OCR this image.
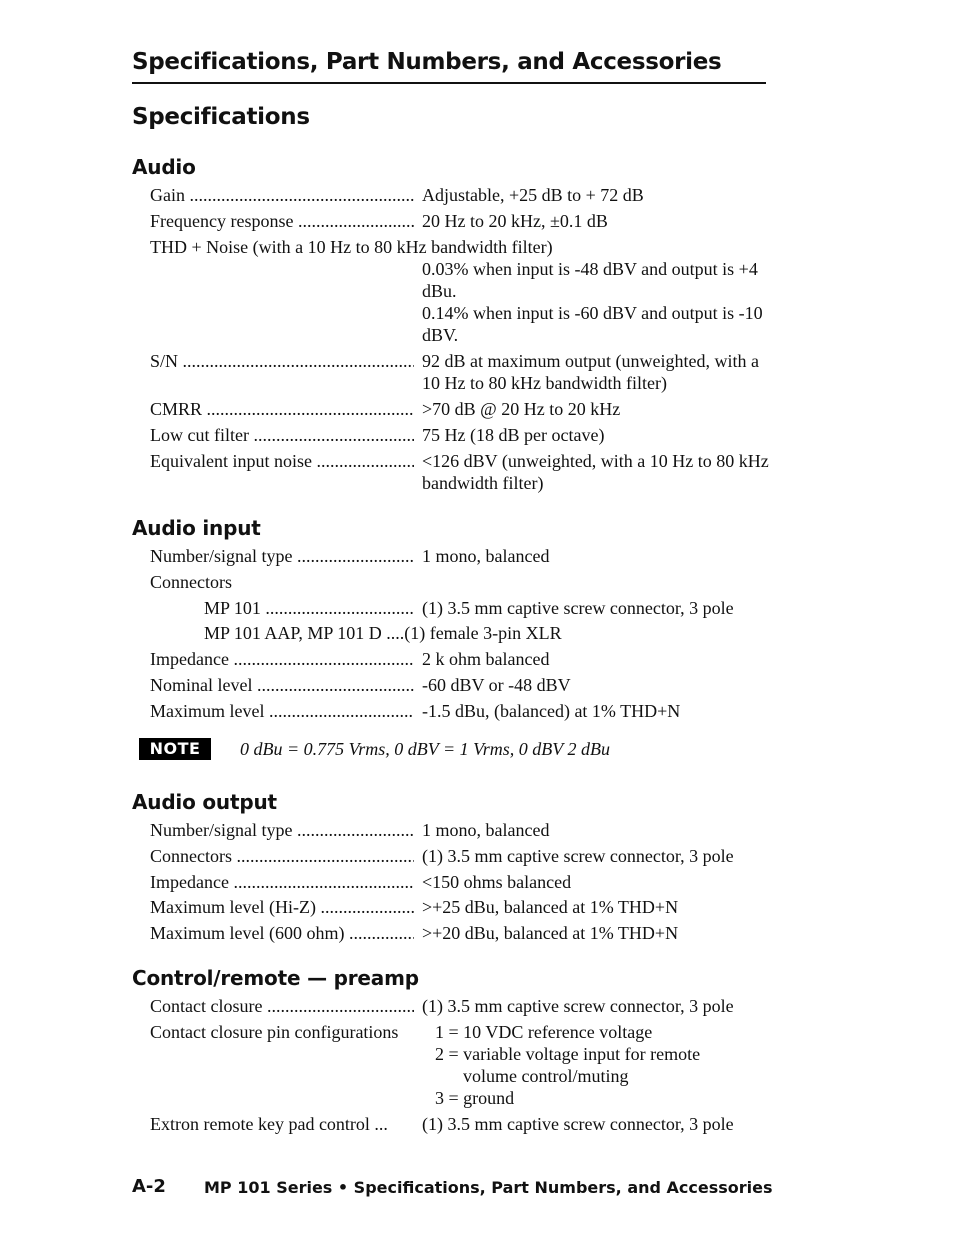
Specifications, Part Numbers, and Accessories
Specifications
Audio
Gain .....	Adjustable, +25 dB to + 72 dB
Frequency response .....	20 Hz to 20 kHz, ±0.1 dB
THD + Noise (with a 10 Hz to 80 kHz bandwidth filter)
0.03% when input is -48 dBV and output is +4 dBu.
0.14% when input is -60 dBV and output is -10 dBV.
S/N .....	92 dB at maximum output (unweighted, with a 10 Hz to 80 kHz bandwidth filter)
CMRR .....	>70 dB @ 20 Hz to 20 kHz
Low cut filter .....	75 Hz (18 dB per octave)
Equivalent input noise .....	<126 dBV (unweighted, with a 10 Hz to 80 kHz bandwidth filter)
Audio input
Number/signal type .....	1 mono, balanced
Connectors
MP 101 .....	(1) 3.5 mm captive screw connector, 3 pole
MP 101 AAP, MP 101 D ....(1) female 3-pin XLR
Impedance .....	2 k ohm balanced
Nominal level .....	-60 dBV or -48 dBV
Maximum level .....	-1.5 dBu, (balanced) at 1% THD+N
NOTE	0 dBu = 0.775 Vrms, 0 dBV = 1 Vrms, 0 dBV 2 dBu
Audio output
Number/signal type .....	1 mono, balanced
Connectors .....	(1) 3.5 mm captive screw connector, 3 pole
Impedance .....	<150 ohms balanced
Maximum level (Hi-Z) .....	>+25 dBu, balanced at 1% THD+N
Maximum level (600 ohm) .....	>+20 dBu, balanced at 1% THD+N
Control/remote — preamp
Contact closure .....	(1) 3.5 mm captive screw connector, 3 pole
Contact closure pin configurations 1 = 10 VDC reference voltage
2 = variable voltage input for remote
volume control/muting
3 = ground
Extron remote key pad control ...	(1) 3.5 mm captive screw connector, 3 pole
A-2 MP 101 Series • Specifications, Part Numbers, and Accessories
